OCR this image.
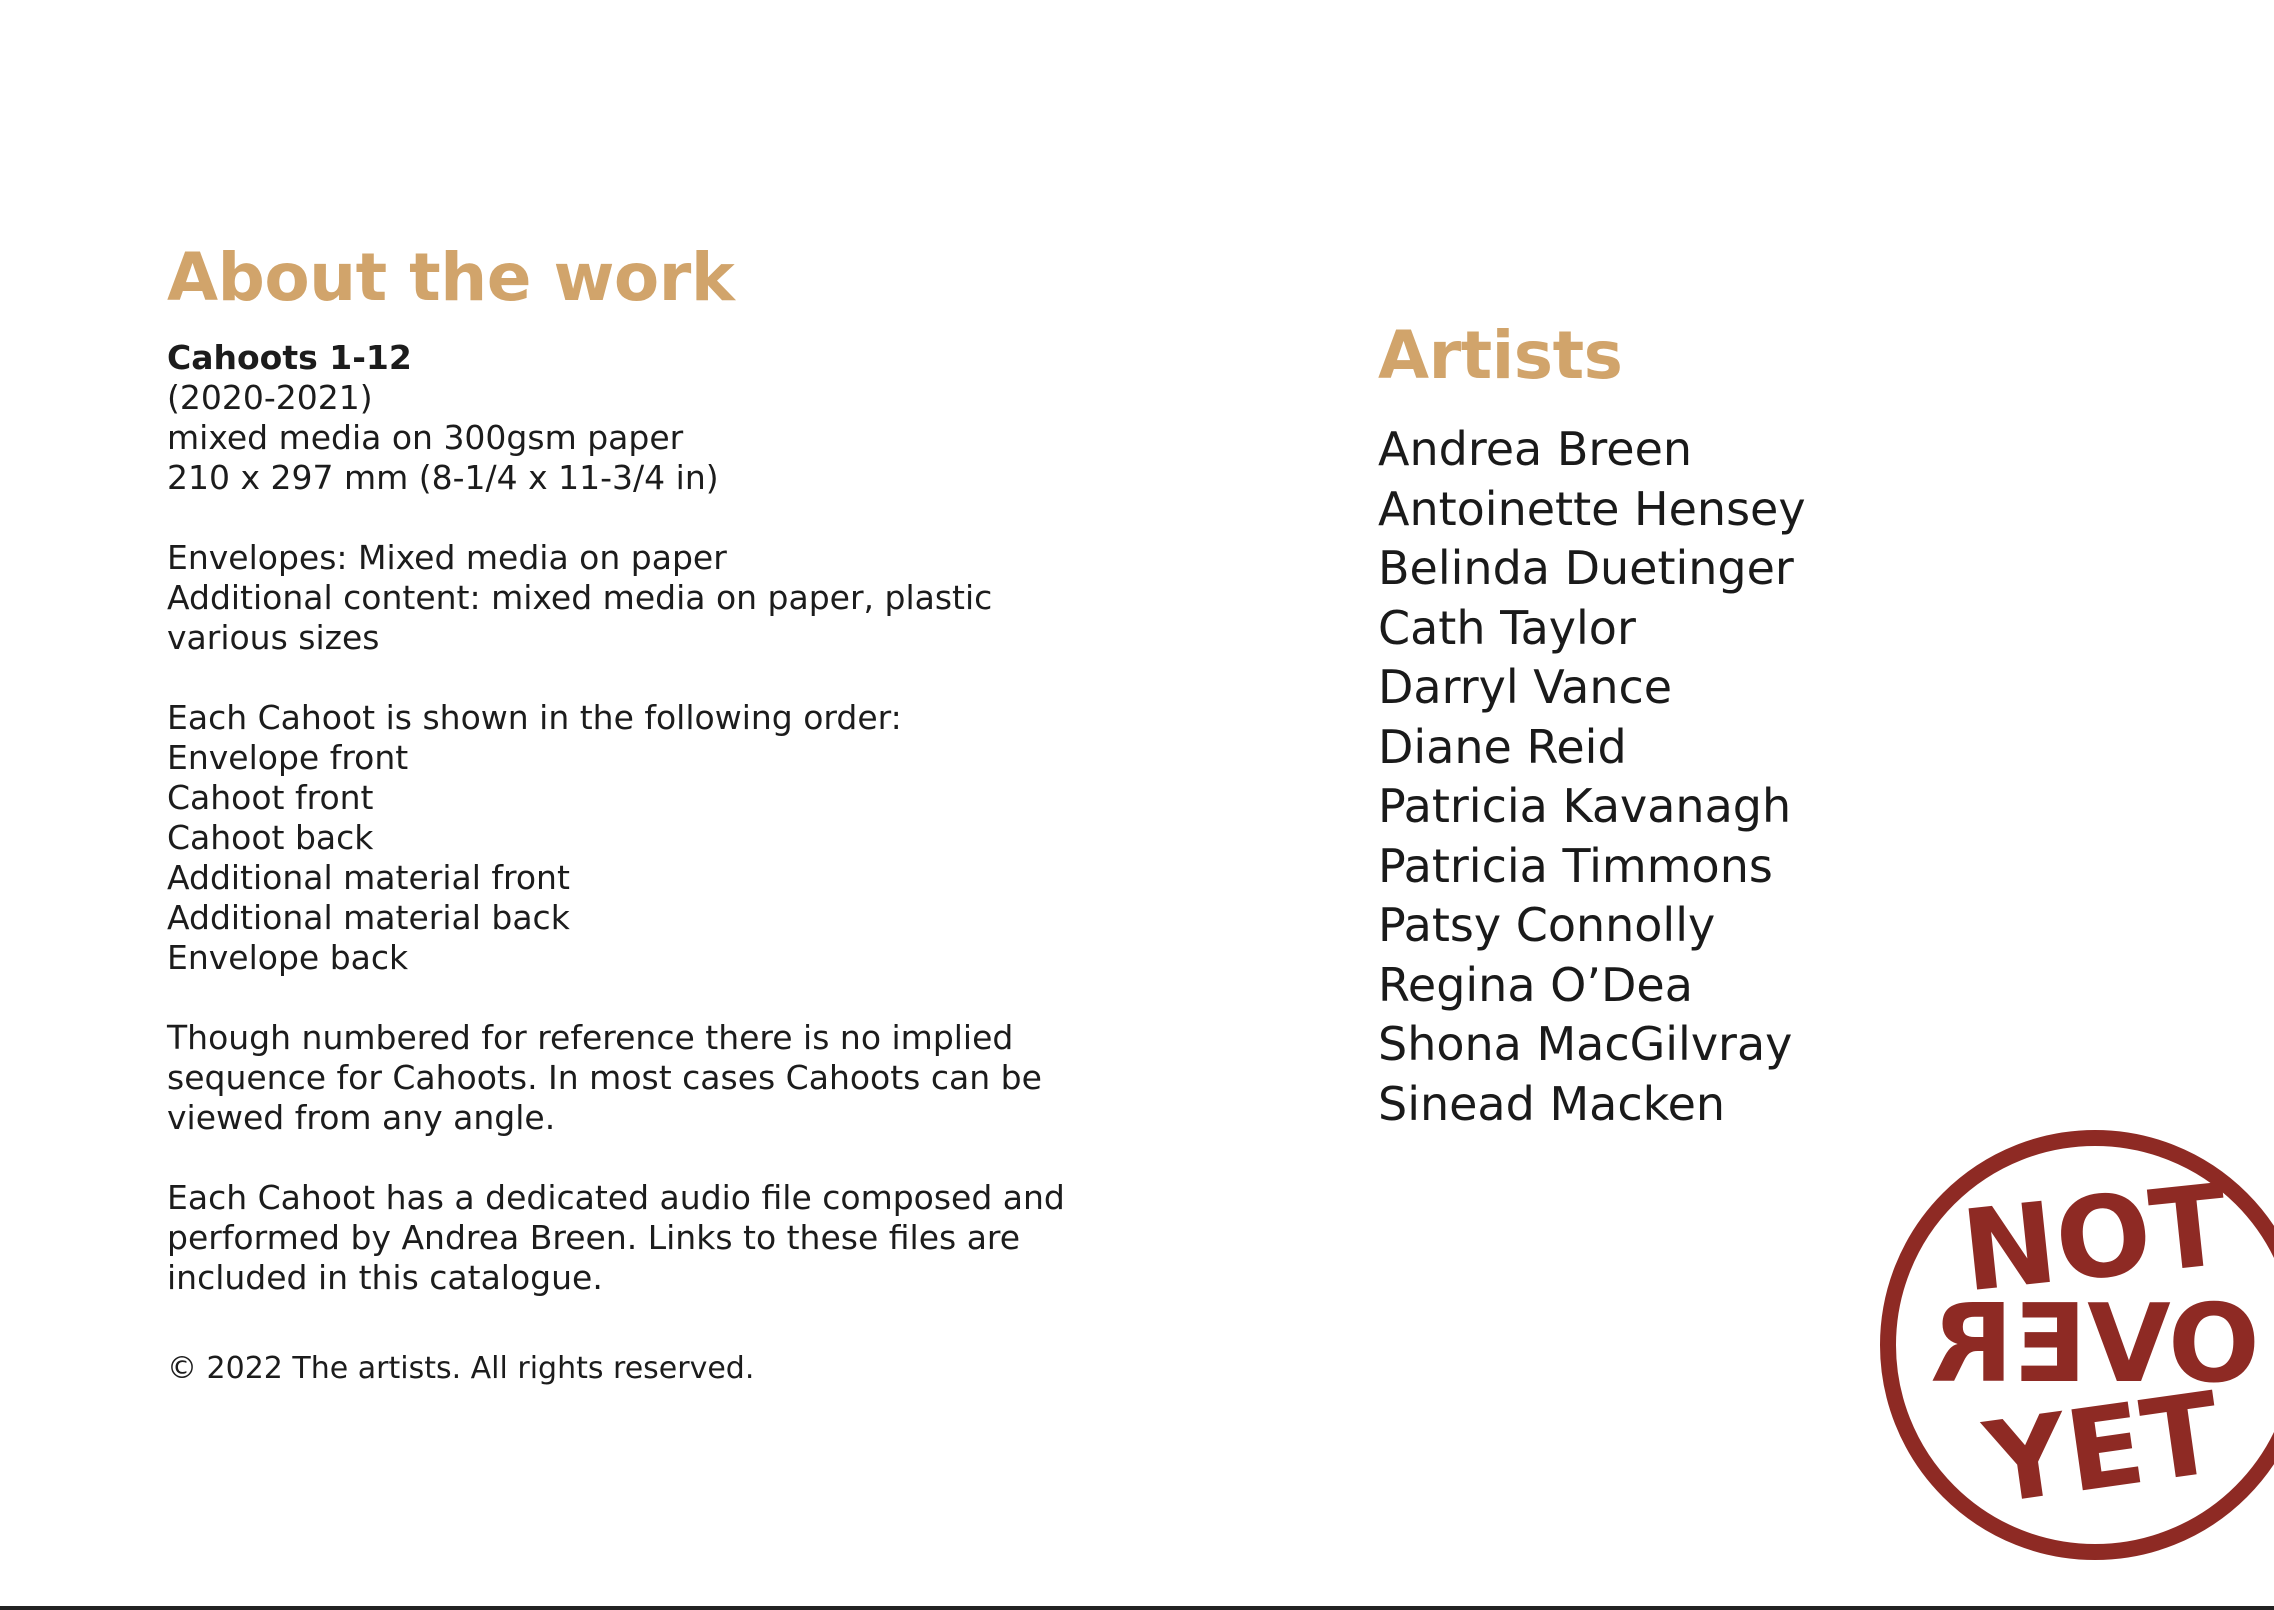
About the work
Cahoots 1-12
(2020-2021)
mixed media on 300gsm paper
210 x 297 mm (8-1/4 x 11-3/4 in)
Envelopes: Mixed media on paper
Additional content: mixed media on paper, plastic
various sizes
Each Cahoot is shown in the following order:
Envelope front
Cahoot front
Cahoot back
Additional material front
Additional material back
Envelope back
Though numbered for reference there is no implied
sequence for Cahoots. In most cases Cahoots can be
viewed from any angle.
Each Cahoot has a dedicated audio file composed and
performed by Andrea Breen. Links to these files are
included in this catalogue.
© 2022 The artists. All rights reserved.
Artists
Andrea Breen
Antoinette Hensey
Belinda Duetinger
Cath Taylor
Darryl Vance
Diane Reid
Patricia Kavanagh
Patricia Timmons
Patsy Connolly
Regina O’Dea
Shona MacGilvray
Sinead Macken
NOT
OVER
YET
